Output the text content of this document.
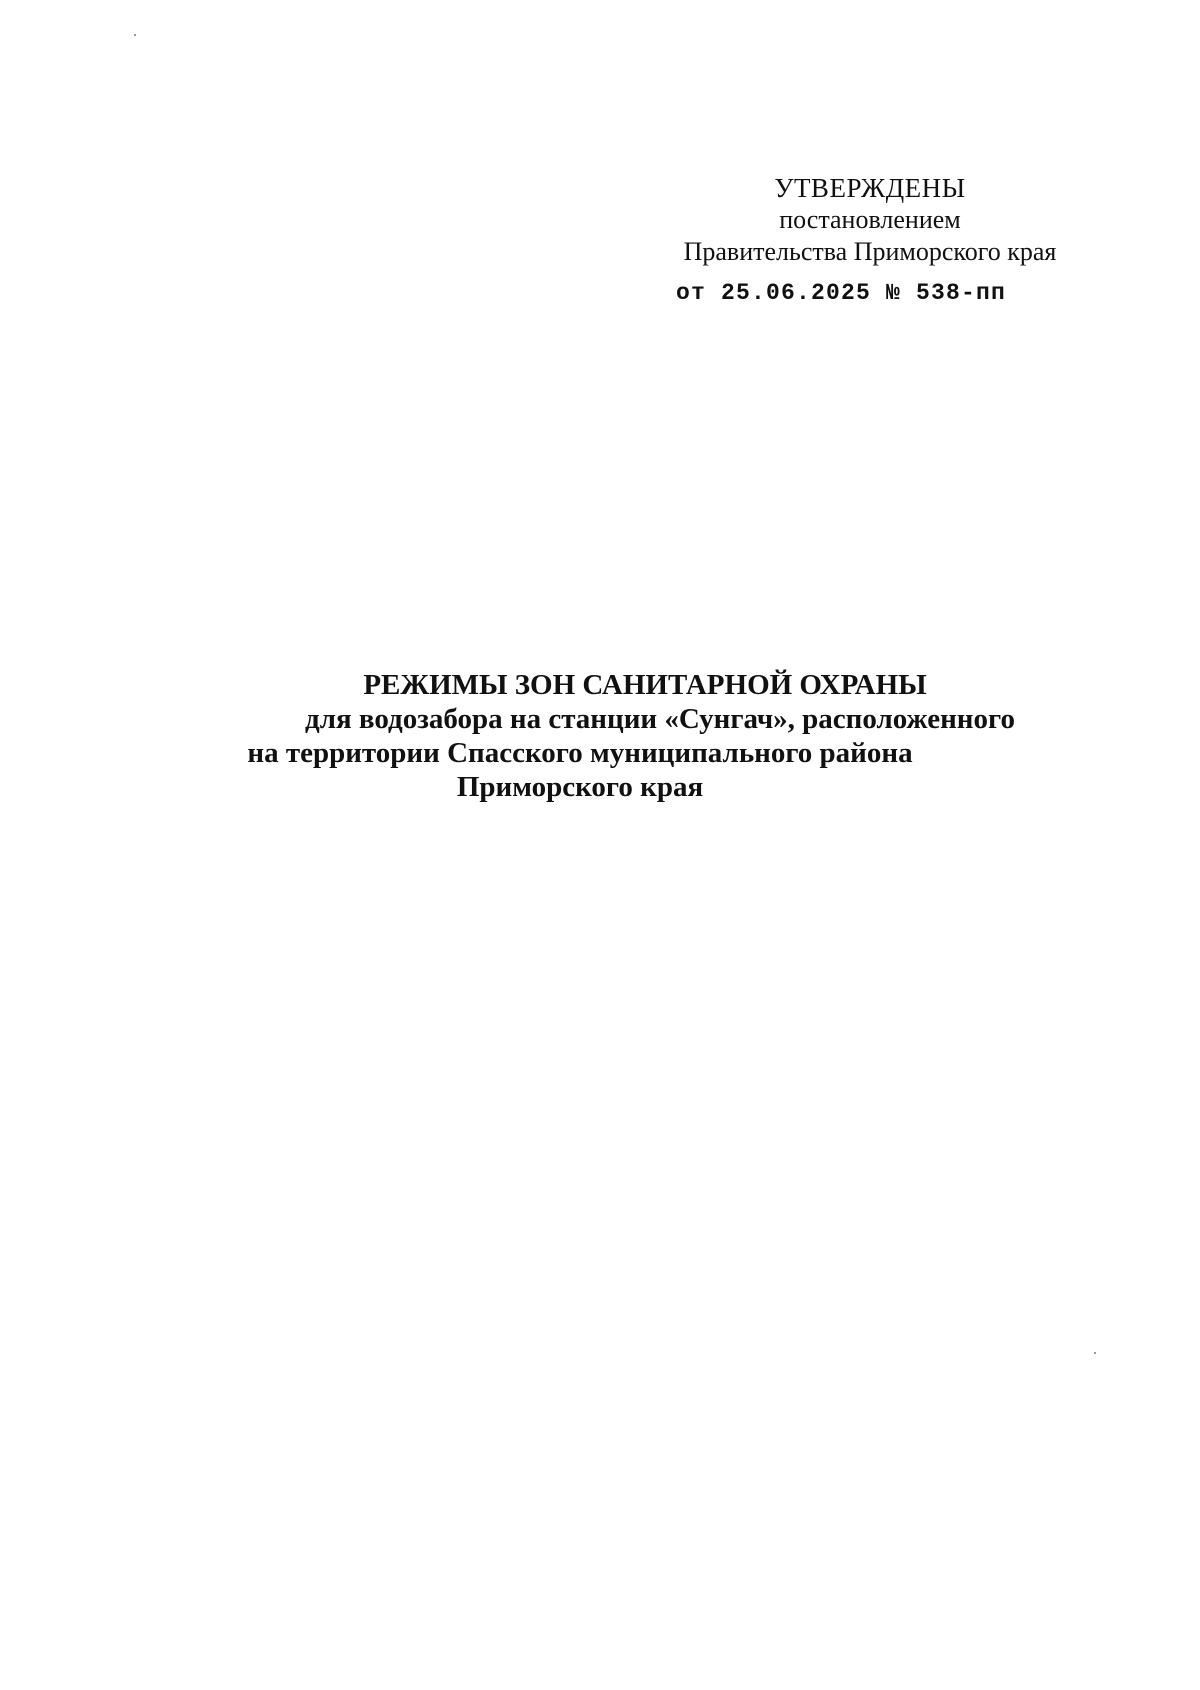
УТВЕРЖДЕНЫ
постановлением
Правительства Приморского края
от 25.06.2025 № 538-пп
РЕЖИМЫ ЗОН САНИТАРНОЙ ОХРАНЫ
для водозабора на станции «Сунгач», расположенного
на территории Спасского муниципального района
Приморского края
